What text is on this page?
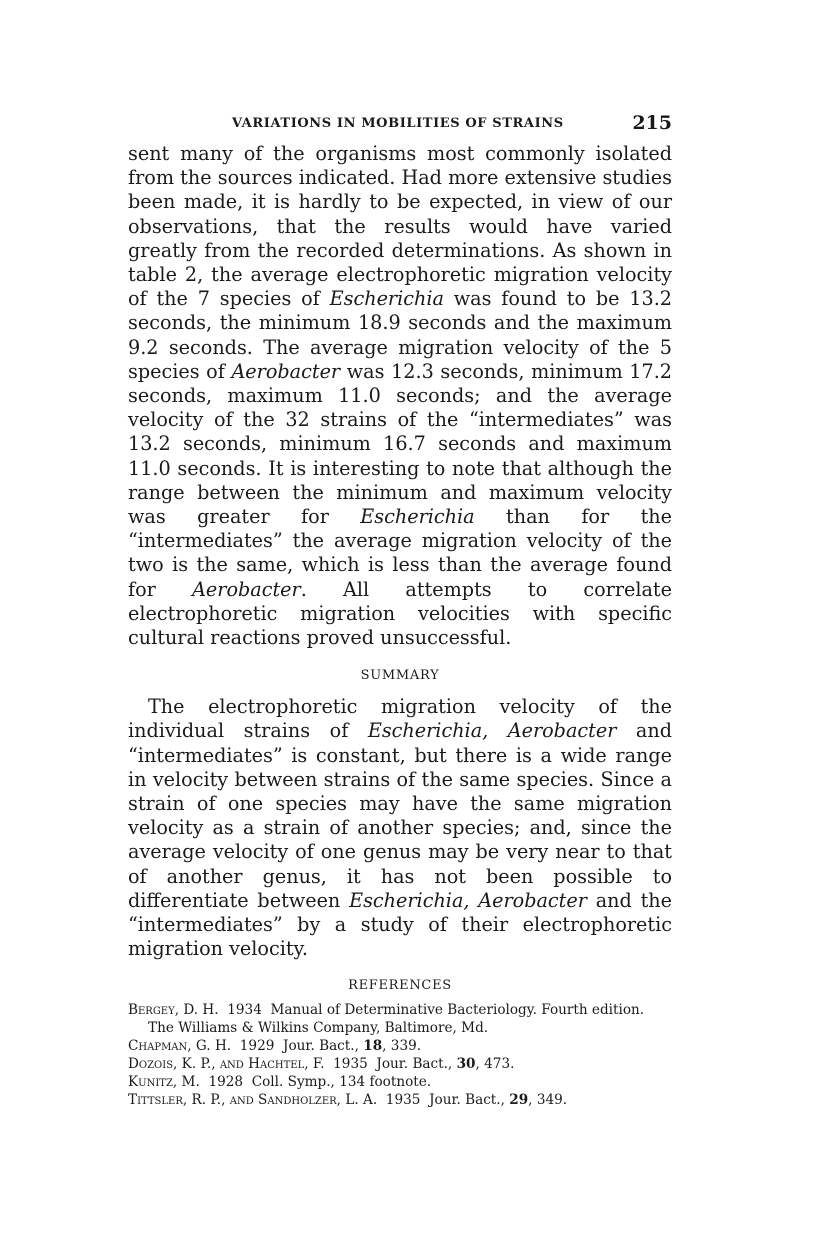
VARIATIONS IN MOBILITIES OF STRAINS	215

sent many of the organisms most commonly isolated from the sources indicated. Had more extensive studies been made, it is hardly to be expected, in view of our observations, that the results would have varied greatly from the recorded determinations. As shown in table 2, the average electrophoretic migration velocity of the 7 species of Escherichia was found to be 13.2 seconds, the minimum 18.9 seconds and the maximum 9.2 seconds. The average migration velocity of the 5 species of Aerobacter was 12.3 seconds, minimum 17.2 seconds, maximum 11.0 seconds; and the average velocity of the 32 strains of the “intermediates” was 13.2 seconds, minimum 16.7 seconds and maximum 11.0 seconds. It is interesting to note that although the range between the minimum and maximum velocity was greater for Escherichia than for the “intermediates” the average migration velocity of the two is the same, which is less than the average found for Aerobacter. All attempts to correlate electrophoretic migration velocities with specific cultural reactions proved unsuccessful.

SUMMARY

The electrophoretic migration velocity of the individual strains of Escherichia, Aerobacter and “intermediates” is constant, but there is a wide range in velocity between strains of the same species. Since a strain of one species may have the same migration velocity as a strain of another species; and, since the average velocity of one genus may be very near to that of another genus, it has not been possible to differentiate between Escherichia, Aerobacter and the “intermediates” by a study of their electrophoretic migration velocity.

REFERENCES
Bergey, D. H. 1934 Manual of Determinative Bacteriology. Fourth edition.
The Williams & Wilkins Company, Baltimore, Md.
Chapman, G. H. 1929 Jour. Bact., 18, 339.
Dozois, K. P., and Hachtel, F. 1935 Jour. Bact., 30, 473.
Kunitz, M. 1928 Coll. Symp., 134 footnote.
Tittsler, R. P., and Sandholzer, L. A. 1935 Jour. Bact., 29, 349.
